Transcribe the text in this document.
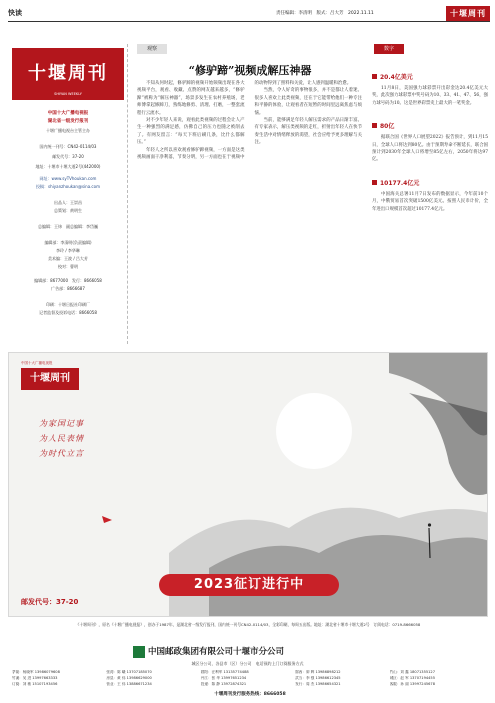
快读	责任编辑：李清明　版式：吕大芳　2022.11.11	十堰周刊
十堰周刊
SHIYAN WEEKLY
中国十大广播电视报
湖北省一级发行报刊
十堰广播电视台主管主办
国内统一刊号：CN42-0114/03
邮发代号：37-20
地址：十堰市十堰大道2号(442000)
网址：www.syTVhoukan.com
投稿：shiyanzhoukan@sina.com
出品人：王崇昌
总策划：黄明生
总编辑：王炜　副总编辑：李岱巍
编辑部：李清明(负责编辑)
李玲 / 李华琳
美术编：王波 / 吕大芳
校对：曹明
编辑部：8677000　发行：8666058
广告部：8666687
印刷：十堰日报社印刷厂
记者监督及投诉电话：8666058
观察
“修驴蹄”视频成解压神器

不知从何时起，修驴蹄的视频开始频频出现在各大视频平台，观看、收藏、点赞的网友越来越多，“修驴蹄”被称为“解压神器”，场景多发生在农村养殖场，老师傅拿起修蹄刀，熟练地修剪、清理、打磨，一整套流程行云流水。

对不少年轻人来说，观看此类视频的过程会让人产生一种强烈的满足感，仿佛自己的压力也随之被削去了。有网友留言：“每天下班后刷几条，比什么都解压。”

年轻人之所以喜欢观看修驴蹄视频，一方面是这类视频画面干净利落，节奏分明，另一方面也在于视频中的动物得到了照料和关爱，让人感到温暖和治愈。

当然，令人好奇的事物很多，并不是都让人着迷。很多人喜欢上此类视频，还在于它能带给他们一种专注和平静的体验，让观看者在短暂的时间里远离焦虑与烦恼。

当前，能够满足年轻人解压需求的产品日渐丰富。有专家表示，解压类视频的走红，折射出年轻人在快节奏生活中对情绪释放的渴望，社会应给予更多理解与关注。

数字
20.4亿美元
11月8日，美国强力球彩票开出彩金达20.4亿美元大奖，此次强力球彩票中奖号码为10、33、41、47、56，强力球号码为10。这是世界彩票史上最大的一笔奖金。
80亿
据联合国《世界人口展望2022》报告预计，到11月15日，全球人口将达到80亿。由于预期寿命不断延长，联合国预计到2030年全球人口将增至85亿左右，2050年将达97亿。
10177.4亿元
中国海关总署11月7日发布的数据显示，今年前10个月，中俄贸易首次突破1500亿美元。按照人民币计价，全年进出口规模首次超过10177.4亿元。
中国十大广播电视报
十堰周刊
为家国记事
为人民表情
为时代立言
邮发代号：37-20
2023征订进行中
《十堰周刊》，原名《十堰广播电视报》，创办于1987年，是湖北省一级发行报刊，国内统一刊号CN42-0114/03，全彩印刷，每周五出版。地址：湖北省十堰市十堰大道2号　订阅电话：0719-8666058
中国邮政集团有限公司十堰市分公司
城区分公司，各县市（区）分公司　电话预约上门订阅服务方式
茅箭：杨晓军 13986079608	张湾：陈 曦 13707185070	郧阳：汪利军 13135774488	郧西：廖 辉 13986898212	竹山：刘 鑫 18071355127
竹溪：吴 进 13997663333	房县：黄 伟 13986629000	丹江：张 华 13997651234	武当：李 强 13986612345	城区：赵 军 13707194455
订阅：刘 敏 15107193456	营业：王 伟 13886671234	投递：陈 静 13972874321	发行：周 杰 13986654321	客服：孙 丽 13997245678
十堰周刊发行服务热线：8666058
